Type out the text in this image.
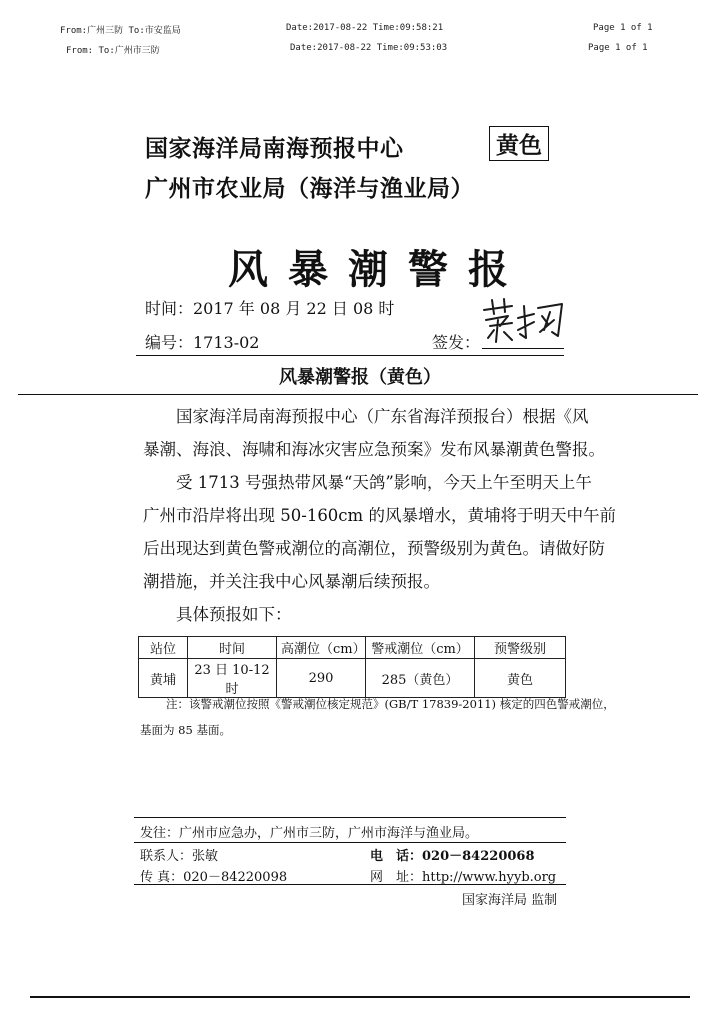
From:广州三防 To:市安监局	Date:2017-08-22 Time:09:58:21	Page 1 of 1
From: To:广州市三防	Date:2017-08-22 Time:09:53:03	Page 1 of 1
国家海洋局南海预报中心
广州市农业局（海洋与渔业局）
黄色
风暴潮警报
时间：2017 年 08 月 22 日 08 时
编号：1713-02	签发：
风暴潮警报（黄色）
国家海洋局南海预报中心（广东省海洋预报台）根据《风
暴潮、海浪、海啸和海冰灾害应急预案》发布风暴潮黄色警报。
受 1713 号强热带风暴“天鸽”影响，今天上午至明天上午
广州市沿岸将出现 50-160cm 的风暴增水，黄埔将于明天中午前
后出现达到黄色警戒潮位的高潮位，预警级别为黄色。请做好防
潮措施，并关注我中心风暴潮后续预报。
具体预报如下：
站位	时间	高潮位（cm）	警戒潮位（cm）	预警级别
黄埔	23 日 10-12 时	290	285（黄色）	黄色
注：该警戒潮位按照《警戒潮位核定规范》(GB/T 17839-2011) 核定的四色警戒潮位，
基面为 85 基面。
发往：广州市应急办，广州市三防，广州市海洋与渔业局。
联系人：张敏	电　话：020－84220068
传 真：020－84220098	网　址：http://www.hyyb.org
国家海洋局 监制
